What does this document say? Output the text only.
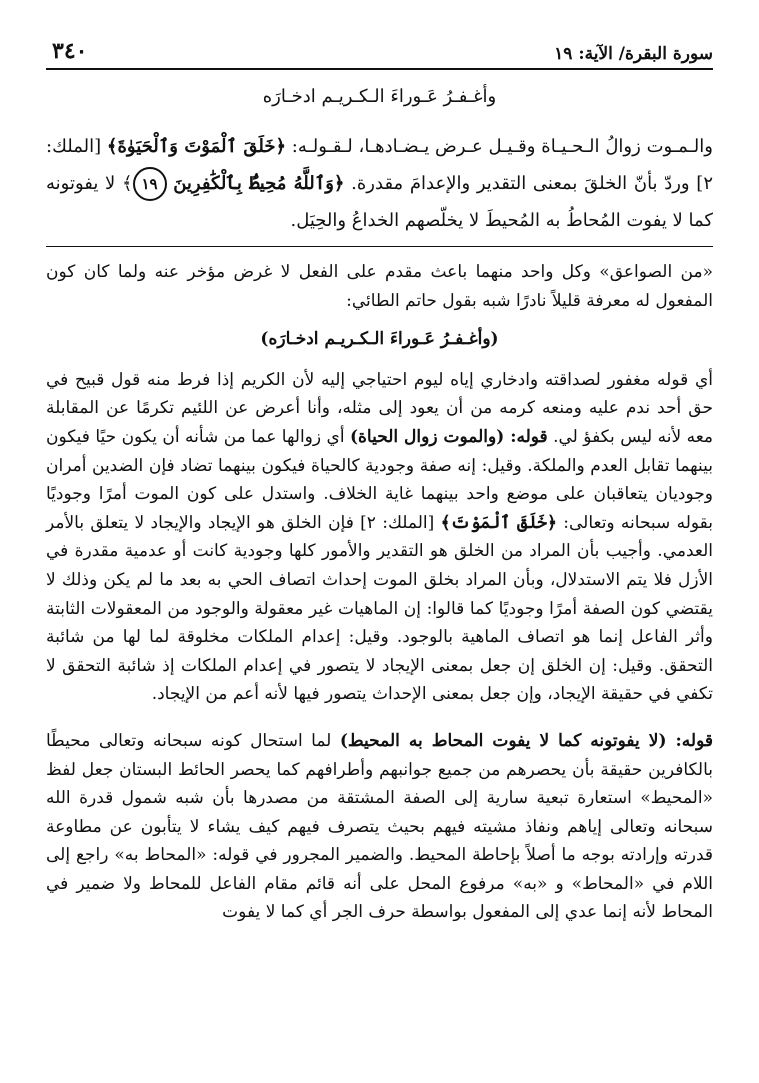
٣٤٠	سورة البقرة/ الآية: ١٩
وأغـفـرُ عَـوراءَ الـكـريـم ادخـارَه
والـمـوت زوالُ الـحـيـاة وقـيـل عـرض يـضـادهـا، لـقـولـه: ﴿خَلَقَ ٱلْمَوْتَ وَٱلْحَيَوٰةَ﴾ [الملك: ٢] وردّ بأنّ الخلقَ بمعنى التقدير والإعدامَ مقدرة. ﴿وَٱللَّهُ مُحِيطٌۢ بِٱلْكَٰفِرِينَ ١٩﴾ لا يفوتونه كما لا يفوت المُحاطُ به المُحيطَ لا يخلّصهم الخداعُ والحِيَل.

«من الصواعق» وكل واحد منهما باعث مقدم على الفعل لا غرض مؤخر عنه ولما كان كون المفعول له معرفة قليلاً نادرًا شبه بقول حاتم الطائي:

(وأغـفـرُ عَـوراءَ الـكـريـم ادخـارَه)

أي قوله مغفور لصداقته وادخاري إياه ليوم احتياجي إليه لأن الكريم إذا فرط منه قول قبيح في حق أحد ندم عليه ومنعه كرمه من أن يعود إلى مثله، وأنا أعرض عن اللئيم تكرمًا عن المقابلة معه لأنه ليس بكفؤ لي. قوله: (والموت زوال الحياة) أي زوالها عما من شأنه أن يكون حيًا فيكون بينهما تقابل العدم والملكة. وقيل: إنه صفة وجودية كالحياة فيكون بينهما تضاد فإن الضدين أمران وجوديان يتعاقبان على موضع واحد بينهما غاية الخلاف. واستدل على كون الموت أمرًا وجوديًا بقوله سبحانه وتعالى: ﴿خَلَقَ ٱلْمَوْتَ﴾ [الملك: ٢] فإن الخلق هو الإيجاد والإيجاد لا يتعلق بالأمر العدمي. وأجيب بأن المراد من الخلق هو التقدير والأمور كلها وجودية كانت أو عدمية مقدرة في الأزل فلا يتم الاستدلال، وبأن المراد بخلق الموت إحداث اتصاف الحي به بعد ما لم يكن وذلك لا يقتضي كون الصفة أمرًا وجوديًا كما قالوا: إن الماهيات غير معقولة والوجود من المعقولات الثابتة وأثر الفاعل إنما هو اتصاف الماهية بالوجود. وقيل: إعدام الملكات مخلوقة لما لها من شائبة التحقق. وقيل: إن الخلق إن جعل بمعنى الإيجاد لا يتصور في إعدام الملكات إذ شائبة التحقق لا تكفي في حقيقة الإيجاد، وإن جعل بمعنى الإحداث يتصور فيها لأنه أعم من الإيجاد.

قوله: (لا يفوتونه كما لا يفوت المحاط به المحيط) لما استحال كونه سبحانه وتعالى محيطًا بالكافرين حقيقة بأن يحصرهم من جميع جوانبهم وأطرافهم كما يحصر الحائط البستان جعل لفظ «المحيط» استعارة تبعية سارية إلى الصفة المشتقة من مصدرها بأن شبه شمول قدرة الله سبحانه وتعالى إياهم ونفاذ مشيته فيهم بحيث يتصرف فيهم كيف يشاء لا يتأبون عن مطاوعة قدرته وإرادته بوجه ما أصلاً بإحاطة المحيط. والضمير المجرور في قوله: «المحاط به» راجع إلى اللام في «المحاط» و «به» مرفوع المحل على أنه قائم مقام الفاعل للمحاط ولا ضمير في المحاط لأنه إنما عدي إلى المفعول بواسطة حرف الجر أي كما لا يفوت
